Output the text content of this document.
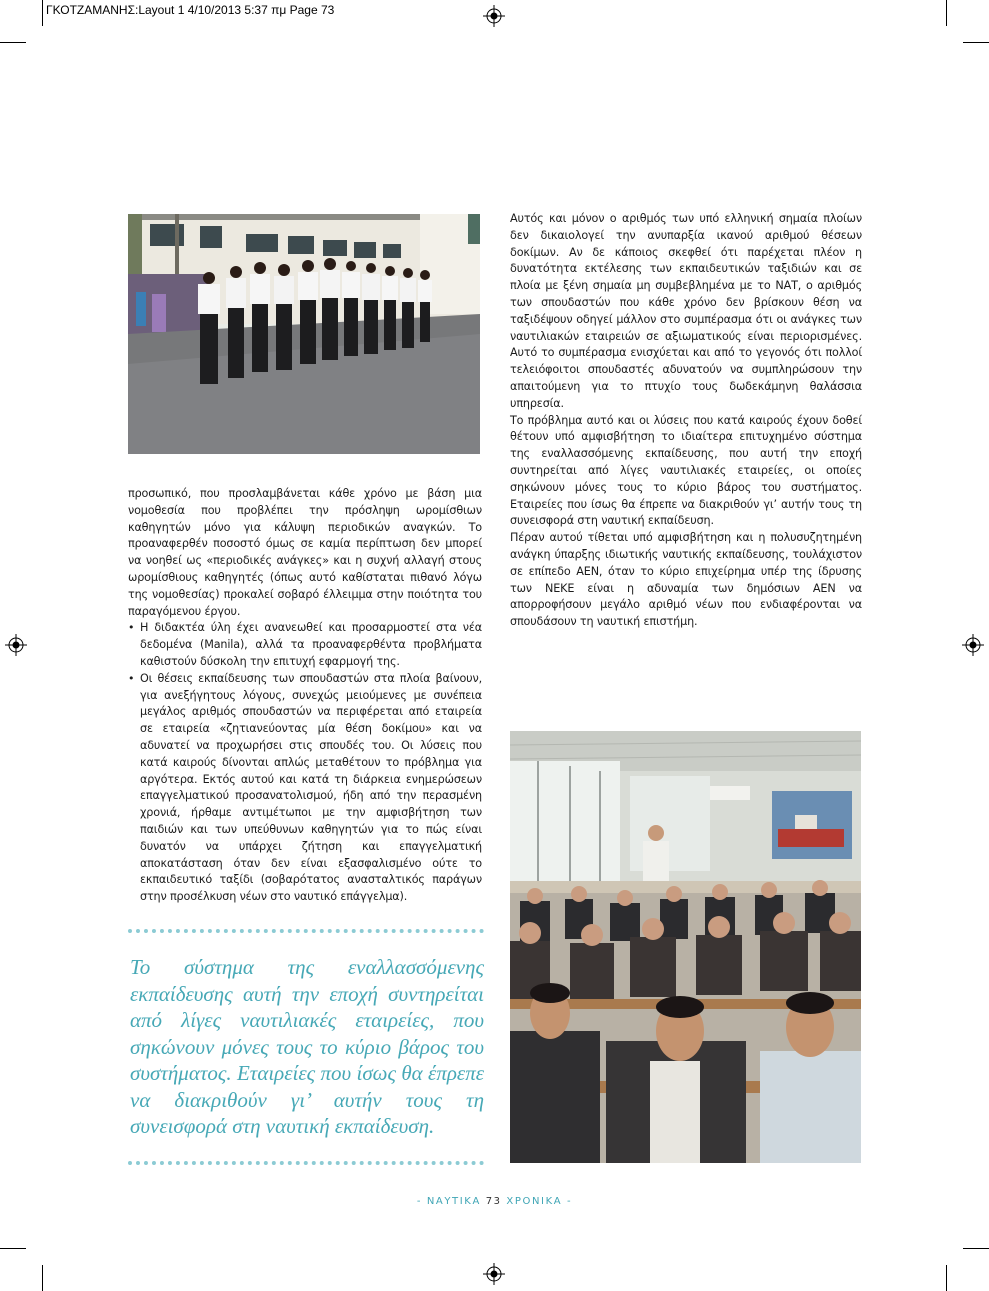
ΓΚΟΤΖΑΜΑΝΗΣ:Layout 1 4/10/2013 5:37 πμ Page 73

προσωπικό, που προσλαμβάνεται κάθε χρόνο με βάση μια νομοθεσία που προβλέπει την πρόσληψη ωρομίσθιων καθηγητών μόνο για κάλυψη περιοδικών αναγκών. Το προαναφερθέν ποσοστό όμως σε καμία περίπτωση δεν μπορεί να νοηθεί ως «περιοδικές ανάγκες» και η συχνή αλλαγή στους ωρομίσθιους καθηγητές (όπως αυτό καθίσταται πιθανό λόγω της νομοθεσίας) προκαλεί σοβαρό έλλειμμα στην ποιότητα του παραγόμενου έργου.

• Η διδακτέα ύλη έχει ανανεωθεί και προσαρμοστεί στα νέα δεδομένα (Manila), αλλά τα προαναφερθέντα προβλήματα καθιστούν δύσκολη την επιτυχή εφαρμογή της.
• Οι θέσεις εκπαίδευσης των σπουδαστών στα πλοία βαίνουν, για ανεξήγητους λόγους, συνεχώς μειούμενες με συνέπεια μεγάλος αριθμός σπουδαστών να περιφέρεται από εταιρεία σε εταιρεία «ζητιανεύοντας μία θέση δοκίμου» και να αδυνατεί να προχωρήσει στις σπουδές του. Οι λύσεις που κατά καιρούς δίνονται απλώς μεταθέτουν το πρόβλημα για αργότερα. Εκτός αυτού και κατά τη διάρκεια ενημερώσεων επαγγελματικού προσανατολισμού, ήδη από την περασμένη χρονιά, ήρθαμε αντιμέτωποι με την αμφισβήτηση των παιδιών και των υπεύθυνων καθηγητών για το πώς είναι δυνατόν να υπάρχει ζήτηση και επαγγελματική αποκατάσταση όταν δεν είναι εξασφαλισμένο ούτε το εκπαιδευτικό ταξίδι (σοβαρότατος ανασταλτικός παράγων στην προσέλκυση νέων στο ναυτικό επάγγελμα).

Αυτός και μόνον ο αριθμός των υπό ελληνική σημαία πλοίων δεν δικαιολογεί την ανυπαρξία ικανού αριθμού θέσεων δοκίμων. Αν δε κάποιος σκεφθεί ότι παρέχεται πλέον η δυνατότητα εκτέλεσης των εκπαιδευτικών ταξιδιών και σε πλοία με ξένη σημαία μη συμβεβλημένα με το ΝΑΤ, ο αριθμός των σπουδαστών που κάθε χρόνο δεν βρίσκουν θέση να ταξιδέψουν οδηγεί μάλλον στο συμπέρασμα ότι οι ανάγκες των ναυτιλιακών εταιρειών σε αξιωματικούς είναι περιορισμένες. Αυτό το συμπέρασμα ενισχύεται και από το γεγονός ότι πολλοί τελειόφοιτοι σπουδαστές αδυνατούν να συμπληρώσουν την απαιτούμενη για το πτυχίο τους δωδεκάμηνη θαλάσσια υπηρεσία.

Το πρόβλημα αυτό και οι λύσεις που κατά καιρούς έχουν δοθεί θέτουν υπό αμφισβήτηση το ιδιαίτερα επιτυχημένο σύστημα της εναλλασσόμενης εκπαίδευσης, που αυτή την εποχή συντηρείται από λίγες ναυτιλιακές εταιρείες, οι οποίες σηκώνουν μόνες τους το κύριο βάρος του συστήματος. Εταιρείες που ίσως θα έπρεπε να διακριθούν γι’ αυτήν τους τη συνεισφορά στη ναυτική εκπαίδευση.

Πέραν αυτού τίθεται υπό αμφισβήτηση και η πολυσυζητημένη ανάγκη ύπαρξης ιδιωτικής ναυτικής εκπαίδευσης, τουλάχιστον σε επίπεδο ΑΕΝ, όταν το κύριο επιχείρημα υπέρ της ίδρυσης των ΝΕΚΕ είναι η αδυναμία των δημόσιων ΑΕΝ να απορροφήσουν μεγάλο αριθμό νέων που ενδιαφέρονται να σπουδάσουν τη ναυτική επιστήμη.

Το σύστημα της εναλλασσόμενης εκπαίδευσης αυτή την εποχή συντηρείται από λίγες ναυτιλιακές εταιρείες, που σηκώνουν μόνες τους το κύριο βάρος του συστήματος. Εταιρείες που ίσως θα έπρεπε να διακριθούν γι’ αυτήν τους τη συνεισφορά στη ναυτική εκπαίδευση.
- ΝΑΥΤΙΚΑ 73 ΧΡΟΝΙΚΑ -
